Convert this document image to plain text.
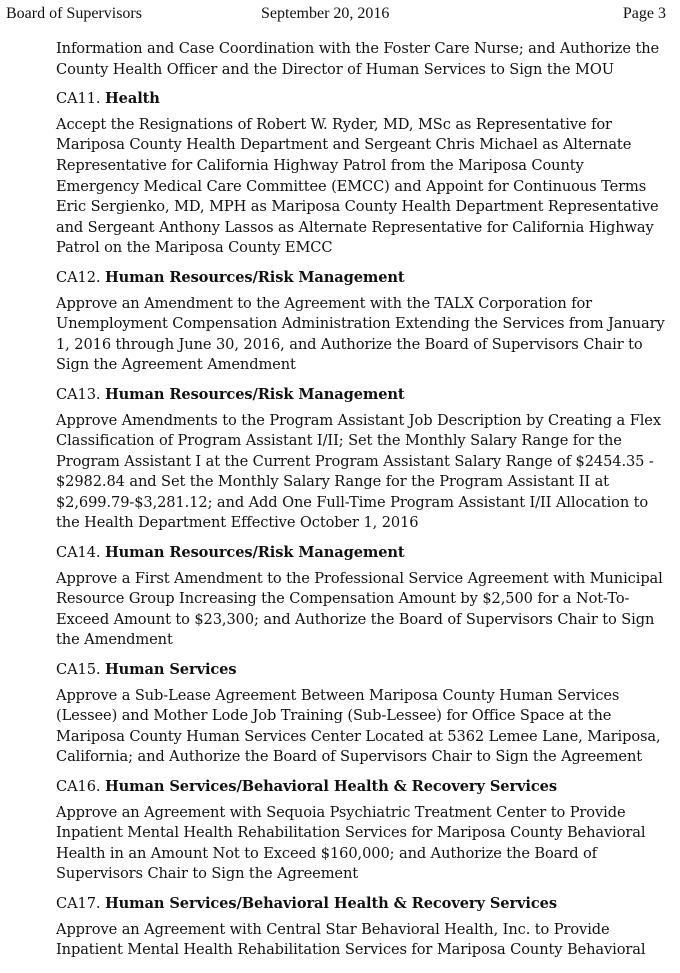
Board of Supervisors	September 20, 2016	Page 3

Information and Case Coordination with the Foster Care Nurse; and Authorize the County Health Officer and the Director of Human Services to Sign the MOU

CA11. Health

Accept the Resignations of Robert W. Ryder, MD, MSc as Representative for Mariposa County Health Department and Sergeant Chris Michael as Alternate Representative for California Highway Patrol from the Mariposa County Emergency Medical Care Committee (EMCC) and Appoint for Continuous Terms Eric Sergienko, MD, MPH as Mariposa County Health Department Representative and Sergeant Anthony Lassos as Alternate Representative for California Highway Patrol on the Mariposa County EMCC

CA12. Human Resources/Risk Management

Approve an Amendment to the Agreement with the TALX Corporation for Unemployment Compensation Administration Extending the Services from January 1, 2016 through June 30, 2016, and Authorize the Board of Supervisors Chair to Sign the Agreement Amendment

CA13. Human Resources/Risk Management

Approve Amendments to the Program Assistant Job Description by Creating a Flex Classification of Program Assistant I/II; Set the Monthly Salary Range for the Program Assistant I at the Current Program Assistant Salary Range of $2454.35 - $2982.84 and Set the Monthly Salary Range for the Program Assistant II at $2,699.79-$3,281.12; and Add One Full-Time Program Assistant I/II Allocation to the Health Department Effective October 1, 2016

CA14. Human Resources/Risk Management

Approve a First Amendment to the Professional Service Agreement with Municipal Resource Group Increasing the Compensation Amount by $2,500 for a Not-To-Exceed Amount to $23,300; and Authorize the Board of Supervisors Chair to Sign the Amendment

CA15. Human Services

Approve a Sub-Lease Agreement Between Mariposa County Human Services (Lessee) and Mother Lode Job Training (Sub-Lessee) for Office Space at the Mariposa County Human Services Center Located at 5362 Lemee Lane, Mariposa, California; and Authorize the Board of Supervisors Chair to Sign the Agreement

CA16. Human Services/Behavioral Health & Recovery Services

Approve an Agreement with Sequoia Psychiatric Treatment Center to Provide Inpatient Mental Health Rehabilitation Services for Mariposa County Behavioral Health in an Amount Not to Exceed $160,000; and Authorize the Board of Supervisors Chair to Sign the Agreement

CA17. Human Services/Behavioral Health & Recovery Services

Approve an Agreement with Central Star Behavioral Health, Inc. to Provide Inpatient Mental Health Rehabilitation Services for Mariposa County Behavioral
